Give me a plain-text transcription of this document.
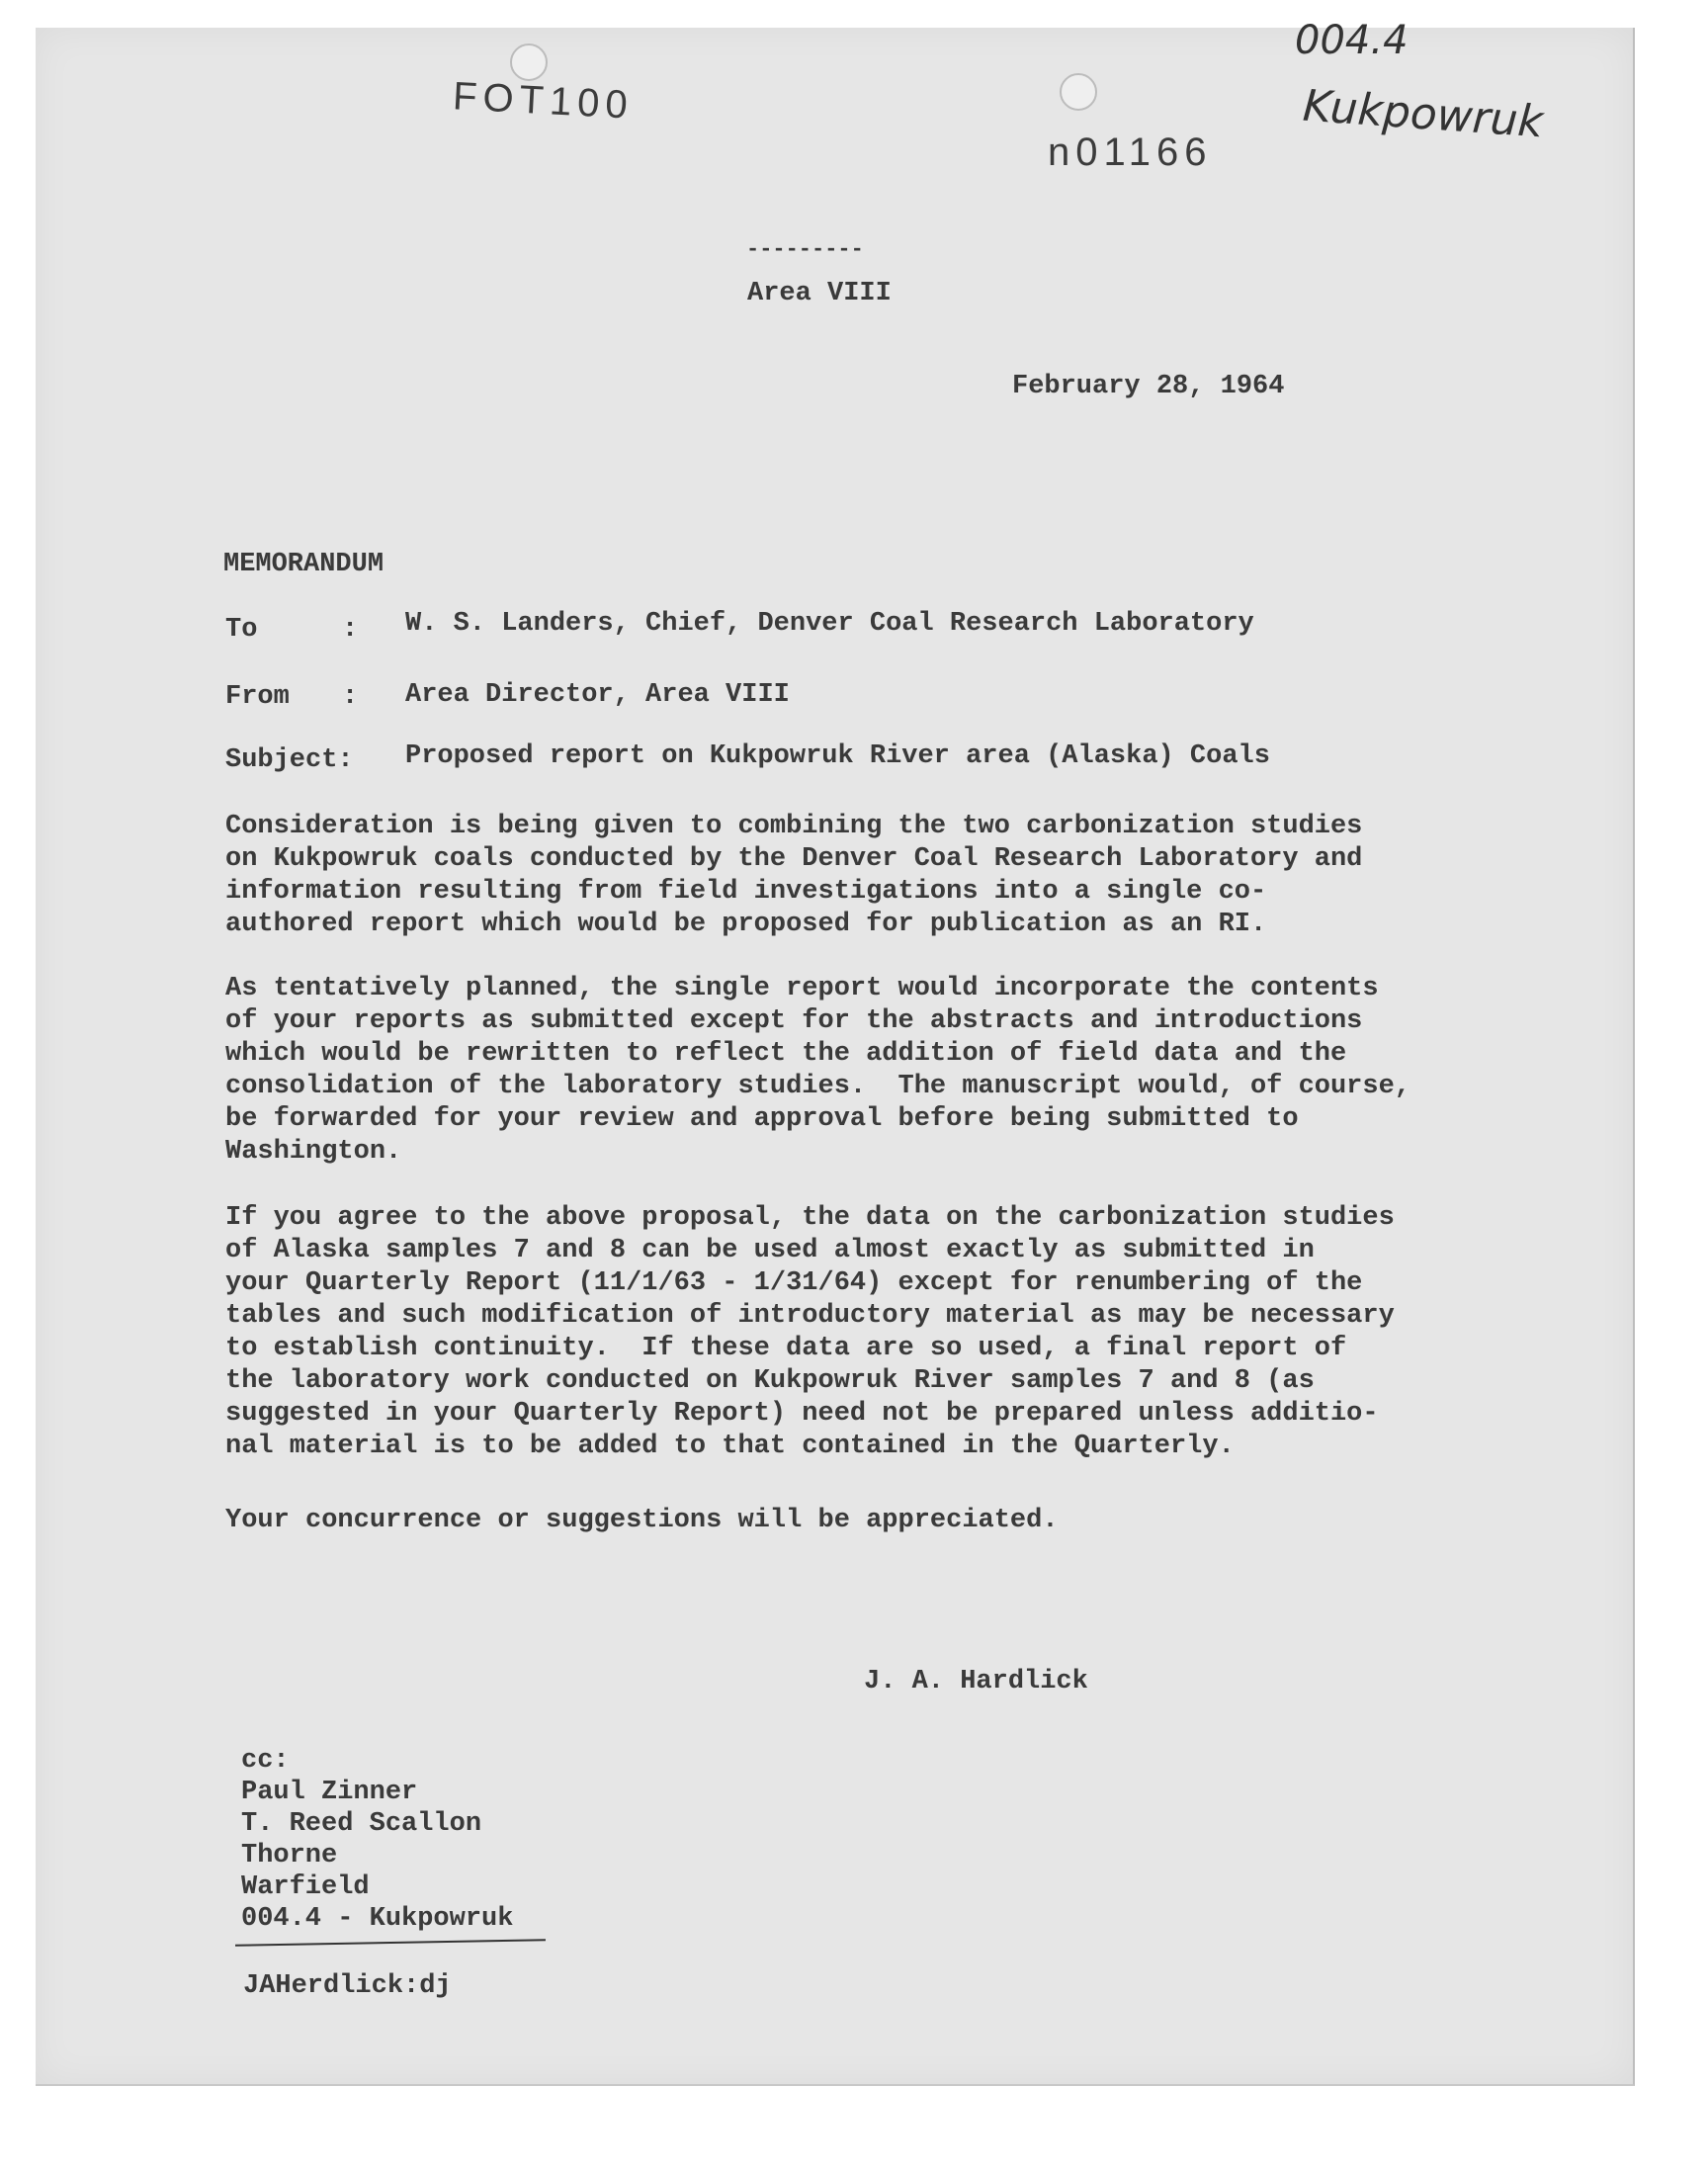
FOT100
n01166
004.4
Kukpowruk
---------
Area VIII
February 28, 1964
MEMORANDUM
To	: W. S. Landers, Chief, Denver Coal Research Laboratory
From : Area Director, Area VIII
Subject: Proposed report on Kukpowruk River area (Alaska) Coals
Consideration is being given to combining the two carbonization studies
on Kukpowruk coals conducted by the Denver Coal Research Laboratory and
information resulting from field investigations into a single co-
authored report which would be proposed for publication as an RI.
As tentatively planned, the single report would incorporate the contents
of your reports as submitted except for the abstracts and introductions
which would be rewritten to reflect the addition of field data and the
consolidation of the laboratory studies.  The manuscript would, of course,
be forwarded for your review and approval before being submitted to
Washington.
If you agree to the above proposal, the data on the carbonization studies
of Alaska samples 7 and 8 can be used almost exactly as submitted in
your Quarterly Report (11/1/63 - 1/31/64) except for renumbering of the
tables and such modification of introductory material as may be necessary
to establish continuity.  If these data are so used, a final report of
the laboratory work conducted on Kukpowruk River samples 7 and 8 (as
suggested in your Quarterly Report) need not be prepared unless additio-
nal material is to be added to that contained in the Quarterly.
Your concurrence or suggestions will be appreciated.
J. A. Hardlick
cc:
Paul Zinner
T. Reed Scallon
Thorne
Warfield
004.4 - Kukpowruk
JAHerdlick:dj
